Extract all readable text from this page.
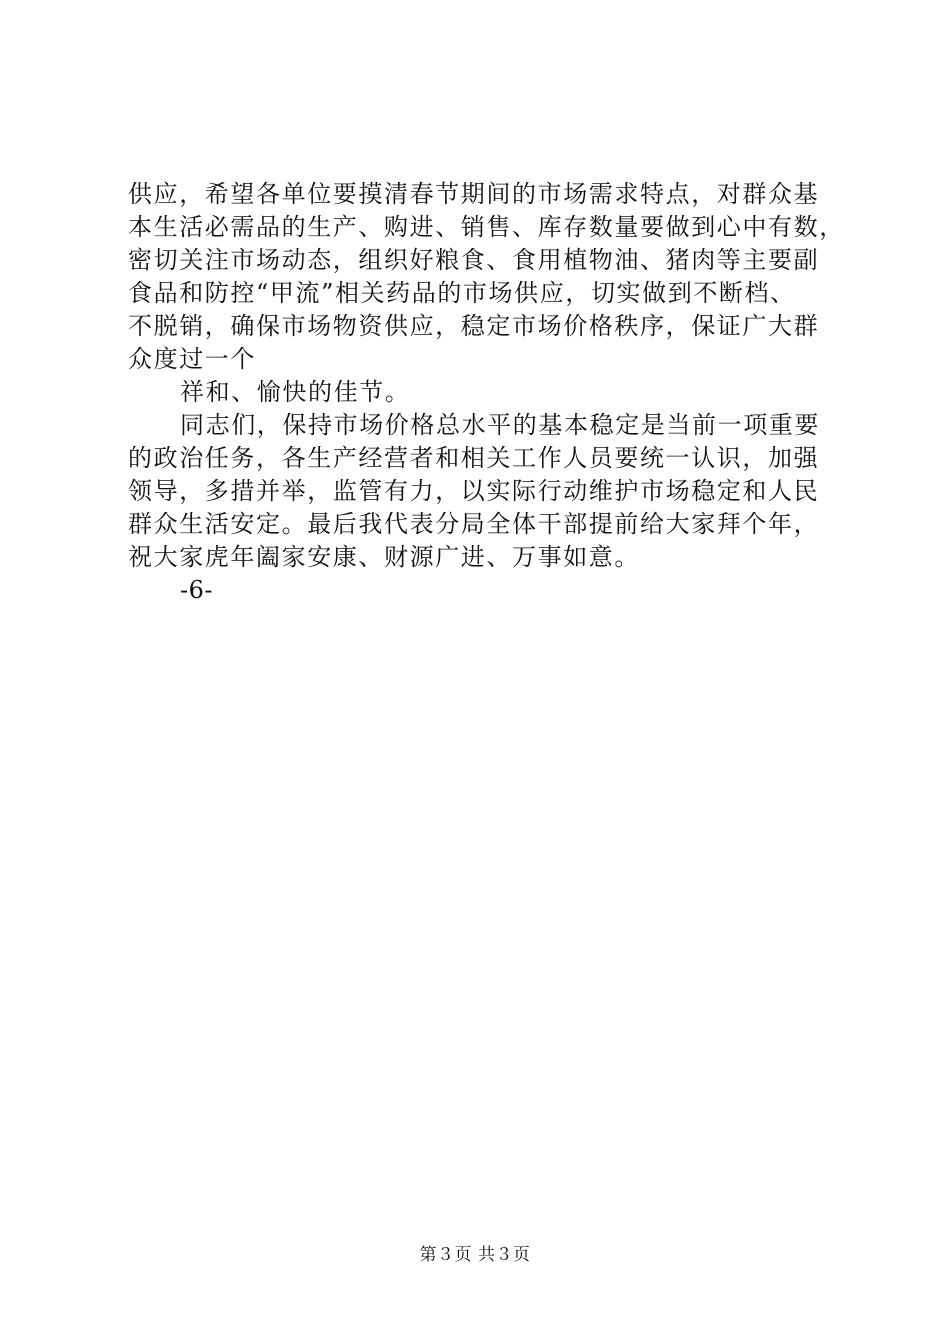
供应，希望各单位要摸清春节期间的市场需求特点，对群众基
本生活必需品的生产、购进、销售、库存数量要做到心中有数，
密切关注市场动态，组织好粮食、食用植物油、猪肉等主要副
食品和防控“甲流”相关药品的市场供应，切实做到不断档、
不脱销，确保市场物资供应，稳定市场价格秩序，保证广大群
众度过一个
祥和、愉快的佳节。
同志们，保持市场价格总水平的基本稳定是当前一项重要
的政治任务，各生产经营者和相关工作人员要统一认识，加强
领导，多措并举，监管有力，以实际行动维护市场稳定和人民
群众生活安定。最后我代表分局全体干部提前给大家拜个年，
祝大家虎年阖家安康、财源广进、万事如意。
-6-
第３页 共３页
